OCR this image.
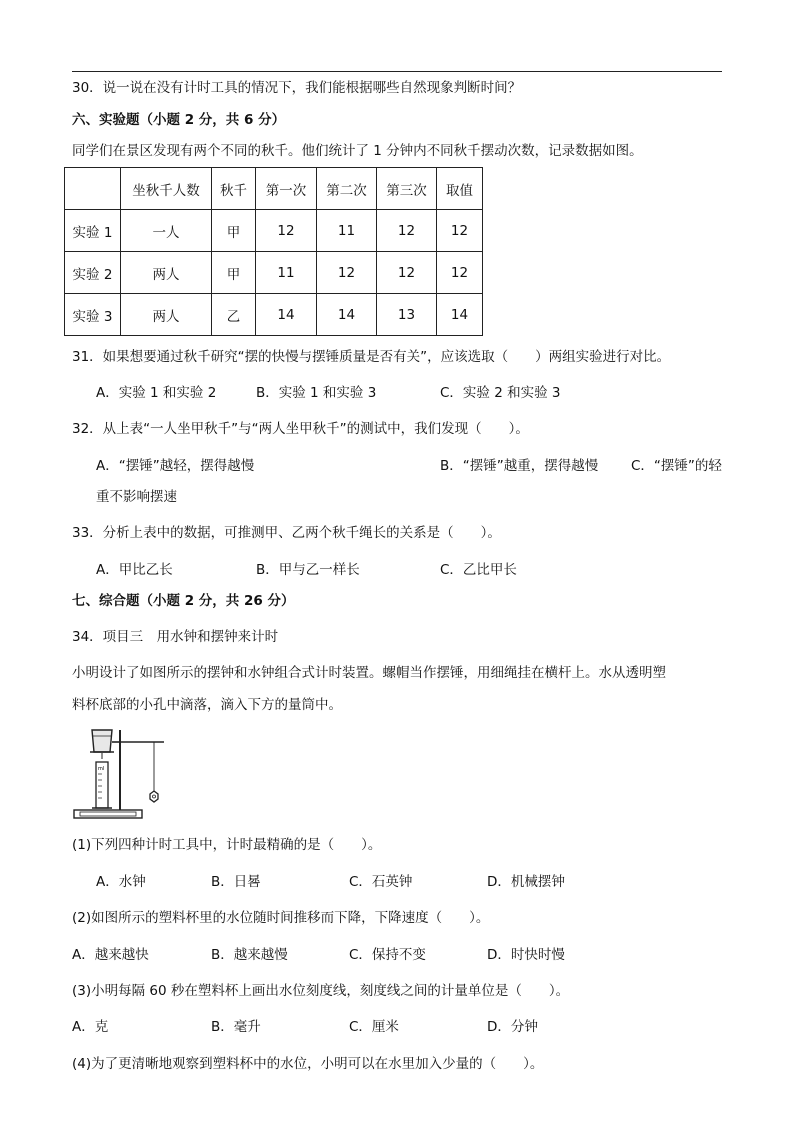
30．说一说在没有计时工具的情况下，我们能根据哪些自然现象判断时间？
六、实验题（小题 2 分，共 6 分）
同学们在景区发现有两个不同的秋千。他们统计了 1 分钟内不同秋千摆动次数，记录数据如图。
	坐秋千人数	秋千	第一次	第二次	第三次	取值
实验 1	一人	甲	12	11	12	12
实验 2	两人	甲	11	12	12	12
实验 3	两人	乙	14	14	13	14
31．如果想要通过秋千研究“摆的快慢与摆锤质量是否有关”，应该选取（　　）两组实验进行对比。
A．实验 1 和实验 2	B．实验 1 和实验 3	C．实验 2 和实验 3
32．从上表“一人坐甲秋千”与“两人坐甲秋千”的测试中，我们发现（　　）。
A．“摆锤”越轻，摆得越慢	B．“摆锤”越重，摆得越慢 C．“摆锤”的轻
重不影响摆速
33．分析上表中的数据，可推测甲、乙两个秋千绳长的关系是（　　）。
A．甲比乙长	B．甲与乙一样长	C．乙比甲长
七、综合题（小题 2 分，共 26 分）
34．项目三　用水钟和摆钟来计时
小明设计了如图所示的摆钟和水钟组合式计时装置。螺帽当作摆锤，用细绳挂在横杆上。水从透明塑
料杯底部的小孔中滴落，滴入下方的量筒中。
ml
(1)下列四种计时工具中，计时最精确的是（　　）。
A．水钟	B．日晷	C．石英钟	D．机械摆钟
(2)如图所示的塑料杯里的水位随时间推移而下降，下降速度（　　）。
A．越来越快	B．越来越慢	C．保持不变	D．时快时慢
(3)小明每隔 60 秒在塑料杯上画出水位刻度线，刻度线之间的计量单位是（　　）。
A．克	B．毫升	C．厘米	D．分钟
(4)为了更清晰地观察到塑料杯中的水位，小明可以在水里加入少量的（　　）。
